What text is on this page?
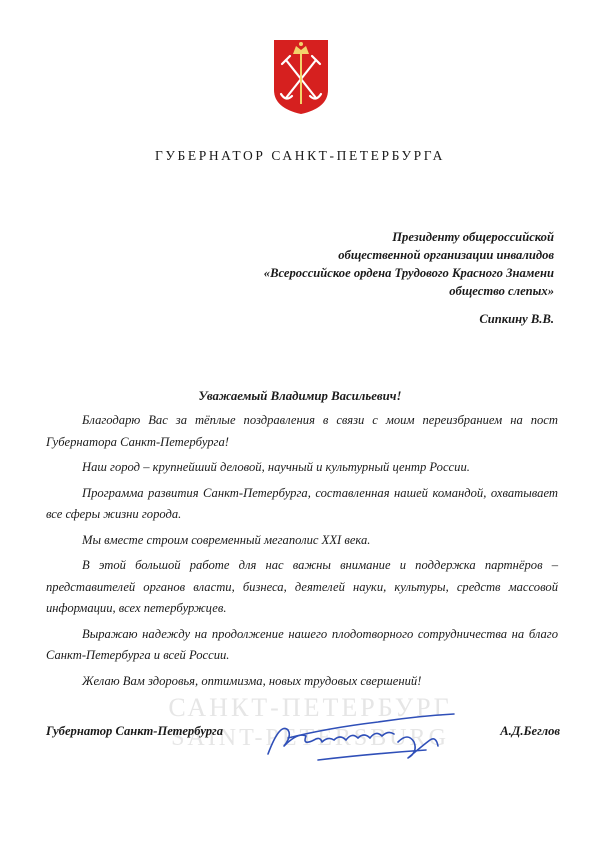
ГУБЕРНАТОР САНКТ-ПЕТЕРБУРГА
Президенту общероссийской
общественной организации инвалидов
«Всероссийское ордена Трудового Красного Знамени
общество слепых»
Сипкину В.В.
Уважаемый Владимир Васильевич!

Благодарю Вас за тёплые поздравления в связи с моим переизбранием на пост Губернатора Санкт-Петербурга!

Наш город – крупнейший деловой, научный и культурный центр России.

Программа развития Санкт-Петербурга, составленная нашей командой, охватывает все сферы жизни города.

Мы вместе строим современный мегаполис XXI века.

В этой большой работе для нас важны внимание и поддержка партнёров – представителей органов власти, бизнеса, деятелей науки, культуры, средств массовой информации, всех петербуржцев.

Выражаю надежду на продолжение нашего плодотворного сотрудничества на благо Санкт-Петербурга и всей России.

Желаю Вам здоровья, оптимизма, новых трудовых свершений!

САНКТ-ПЕТЕРБУРГ
SAINT-PETERSBURG
Губернатор Санкт-Петербурга	А.Д.Беглов
